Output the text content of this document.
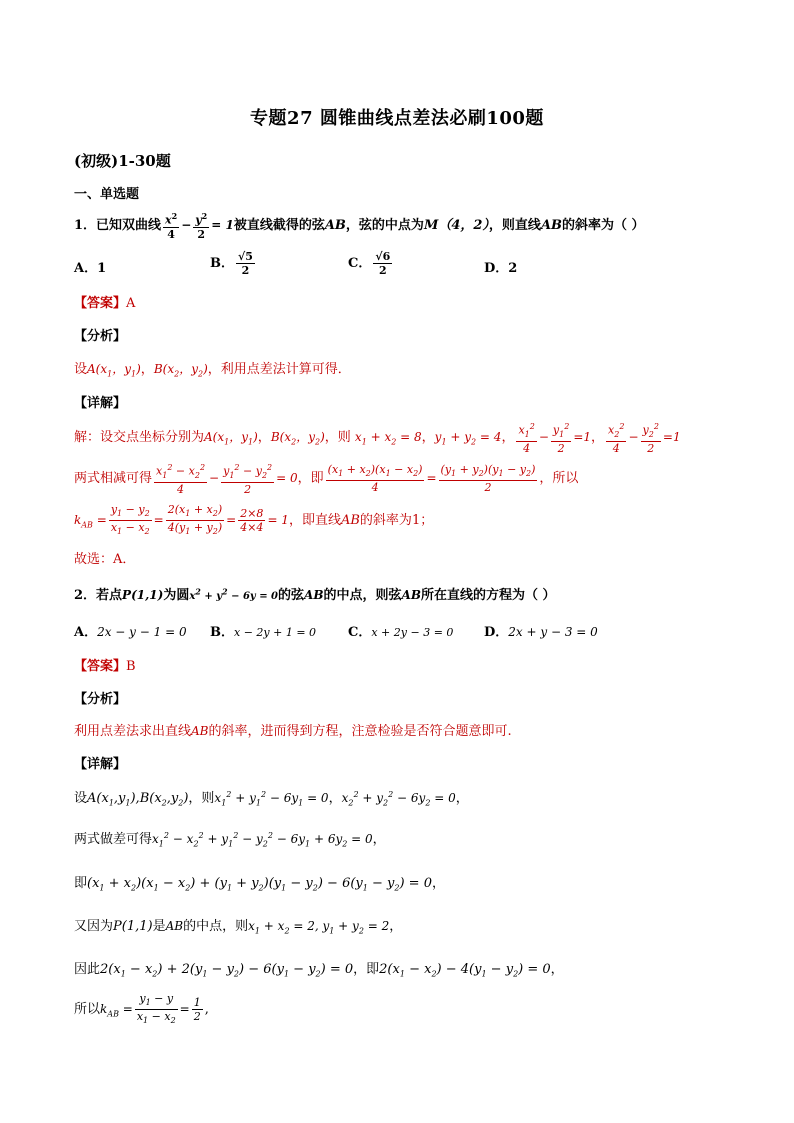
专题27 圆锥曲线点差法必刷100题
(初级)1-30题
一、单选题
1．已知双曲线 $\frac{x^2}{4} - \frac{y^2}{2} = 1$被直线截得的弦AB，弦的中点为M（4，2），则直线AB的斜率为（ ）
A．1	B． $\frac{√5}{2}$	C． $\frac{√6}{2}$	D．2
【答案】A
【分析】
设$A(x_1$，$y_1$)，$B(x_2$，$y_2$)，利用点差法计算可得．
【详解】
解：设交点坐标分别为$A(x_1$，$y_1$)，$B(x_2$，$y_2$)，则 $x_1 + x_2 = 8$，$y_1 + y_2 = 4$， $\frac{x_1^2}{4} - \frac{y_1^2}{2} =1$， $\frac{x_2^2}{4} - \frac{y_2^2}{2} =1$
两式相减可得 $\frac{x_1^2 - x_2^2}{4} - \frac{y_1^2 - y_2^2}{2} = 0$，即 $\frac{(x_1 + x_2)(x_1 - x_2)}{4} = \frac{(y_1 + y_2)(y_1 - y_2)}{2}$ ，所以
$k_{AB} = \frac{y_1 - y_2}{x_1 - x_2} = \frac{2(x_1 + x_2)}{4(y_1 + y_2)} = \frac{2\times 8}{4\times 4} = 1$，即直线AB的斜率为1；
故选：A．
2．若点P(1,1)为圆$x^2 + y^2 - 6y = 0$的弦AB的中点，则弦AB所在直线的方程为（ ）
A．2x − y − 1 = 0 B．x − 2y + 1 = 0 C．x + 2y − 3 = 0 D．2x + y − 3 = 0
【答案】B
【分析】
利用点差法求出直线AB的斜率，进而得到方程，注意检验是否符合题意即可.
【详解】
设$A(x_1,y_1),B(x_2,y_2)$，则$x_1^2 + y_1^2 - 6y_1 = 0$，$x_2^2 + y_2^2 - 6y_2 = 0$，
两式做差可得$x_1^2 - x_2^2 + y_1^2 - y_2^2 - 6y_1 + 6y_2 = 0$，
即$(x_1 + x_2)(x_1 - x_2) + (y_1 + y_2)(y_1 - y_2) - 6(y_1 - y_2) = 0$，
又因为P(1,1)是AB的中点，则$x_1 + x_2 = 2$, $y_1 + y_2 = 2$，
因此$2(x_1 - x_2) + 2(y_1 - y_2) - 6(y_1 - y_2) = 0$，即$2(x_1 - x_2) - 4(y_1 - y_2) = 0$，
所以$k_{AB} = \frac{y_1 - y}{x_1 - x_2} = \frac{1}{2}$ ,
